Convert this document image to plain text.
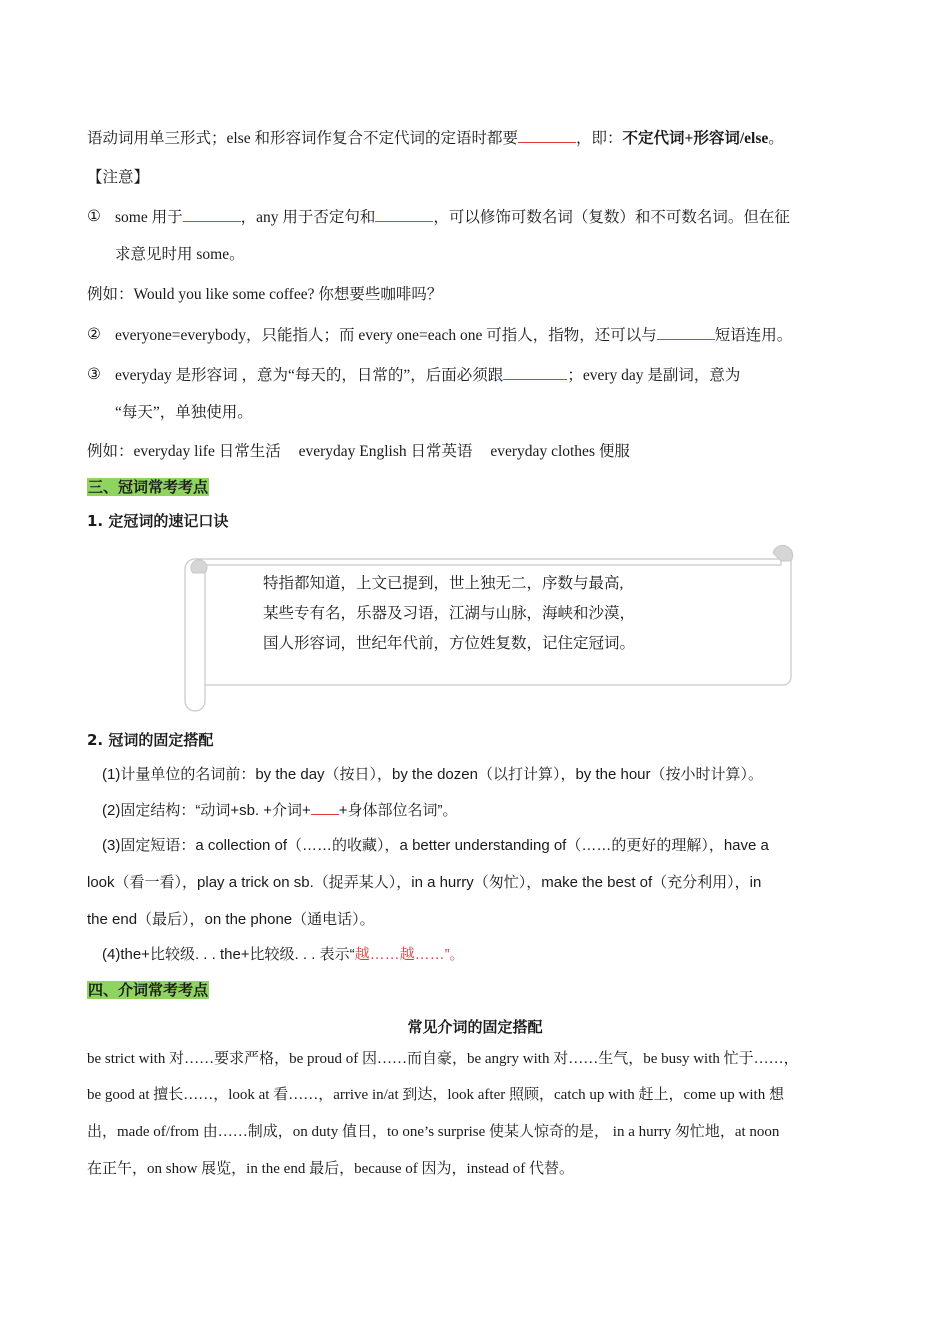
语动词用单三形式；else 和形容词作复合不定代词的定语时都要	，即：不定代词+形容词/else。
【注意】
① some 用于	，any 用于否定句和	，可以修饰可数名词（复数）和不可数名词。但在征
求意见时用 some。
例如：Would you like some coffee? 你想要些咖啡吗？
② everyone=everybody，只能指人；而 every one=each one 可指人，指物，还可以与	短语连用。
③ everyday 是形容词 ，意为“每天的，日常的”，后面必须跟	；every day 是副词，意为
“每天”，单独使用。
例如：everyday life 日常生活 everyday English 日常英语 everyday clothes 便服
三、冠词常考考点
1. 定冠词的速记口诀
特指都知道，上文已提到，世上独无二，序数与最高,
某些专有名，乐器及习语，江湖与山脉，海峡和沙漠，
国人形容词，世纪年代前，方位姓复数，记住定冠词。
2. 冠词的固定搭配
(1)计量单位的名词前：by the day（按日），by the dozen（以打计算），by the hour（按小时计算）。
(2)固定结构：“动词+sb. +介词+ +身体部位名词”。
(3)固定短语：a collection of（……的收藏），a better understanding of（……的更好的理解），have a
look（看一看），play a trick on sb.（捉弄某人），in a hurry（匆忙），make the best of（充分利用），in
the end（最后），on the phone（通电话）。
(4)the+比较级. . . the+比较级. . . 表示“越……越……”。
四、介词常考考点
常见介词的固定搭配
be strict with 对……要求严格，be proud of 因……而自豪，be angry with 对……生气，be busy with 忙于……，
be good at 擅长……，look at 看……，arrive in/at 到达，look after 照顾，catch up with 赶上，come up with 想
出，made of/from 由……制成，on duty 值日，to one’s surprise 使某人惊奇的是， in a hurry 匆忙地，at noon
在正午，on show 展览，in the end 最后，because of 因为，instead of 代替。
